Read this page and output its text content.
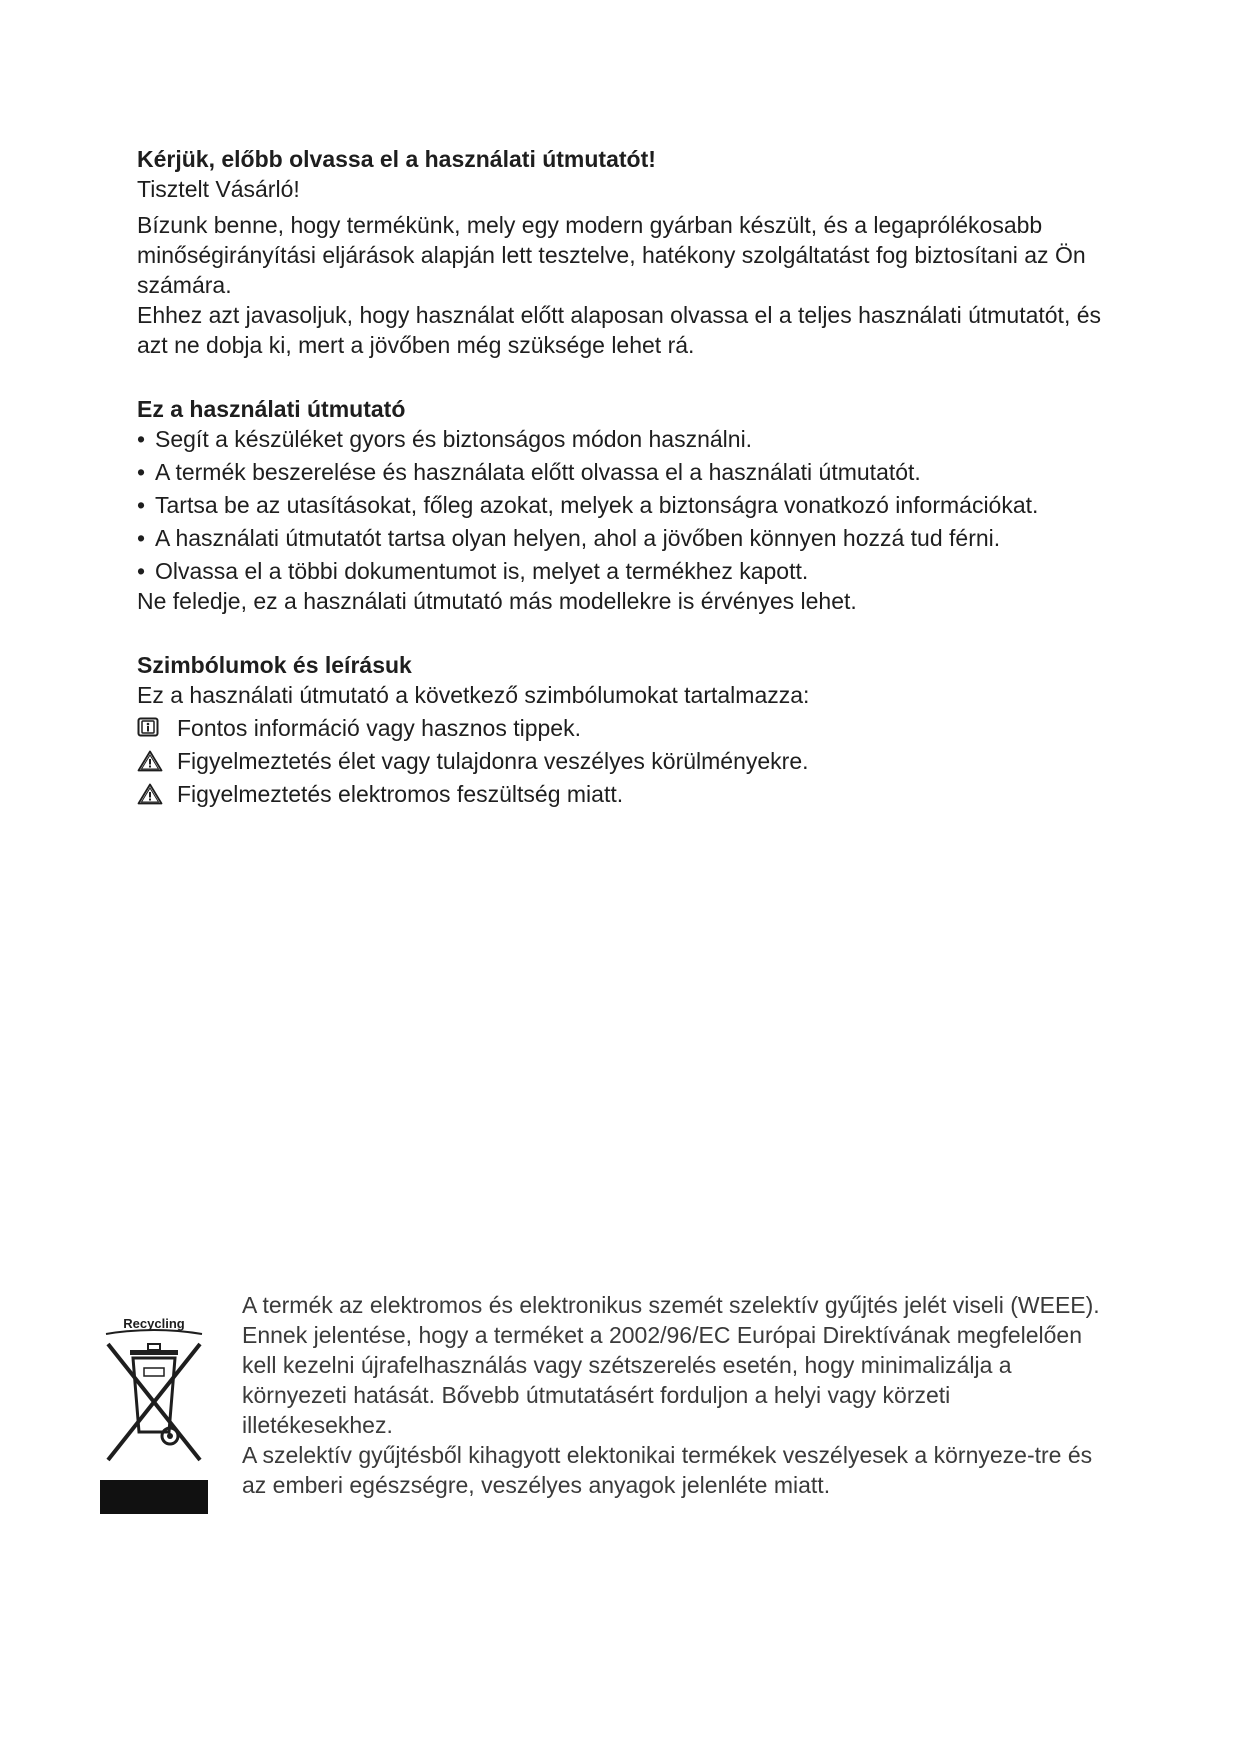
Kérjük, előbb olvassa el a használati útmutatót!

Tisztelt Vásárló!

Bízunk benne, hogy termékünk, mely egy modern gyárban készült, és a legaprólékosabb minőségirányítási eljárások alapján lett tesztelve, hatékony szolgáltatást fog biztosítani az Ön számára.

Ehhez azt javasoljuk, hogy használat előtt alaposan olvassa el a teljes használati útmutatót, és azt ne dobja ki, mert a jövőben még szüksége lehet rá.

Ez a használati útmutató

• Segít a készüléket gyors és biztonságos módon használni.

• A termék beszerelése és használata előtt olvassa el a használati útmutatót.

• Tartsa be az utasításokat, főleg azokat, melyek a biztonságra vonatkozó információkat.

• A használati útmutatót tartsa olyan helyen, ahol a jövőben könnyen hozzá tud férni.

• Olvassa el a többi dokumentumot is, melyet a termékhez kapott.

Ne feledje, ez a használati útmutató más modellekre is érvényes lehet.

Szimbólumok és leírásuk

Ez a használati útmutató a következő szimbólumokat tartalmazza:

Fontos információ vagy hasznos tippek.
Figyelmeztetés élet vagy tulajdonra veszélyes körülményekre.
Figyelmeztetés elektromos feszültség miatt.
Recycling

A termék az elektromos és elektronikus szemét szelektív gyűjtés jelét viseli (WEEE).

Ennek jelentése, hogy a terméket a 2002/96/EC Európai Direktívának megfelelően kell kezelni újrafelhasználás vagy szétszerelés esetén, hogy minimalizálja a környezeti hatását. Bővebb útmutatásért forduljon a helyi vagy körzeti illetékesekhez.

A szelektív gyűjtésből kihagyott elektonikai termékek veszélyesek a környeze-tre és az emberi egészségre, veszélyes anyagok jelenléte miatt.
